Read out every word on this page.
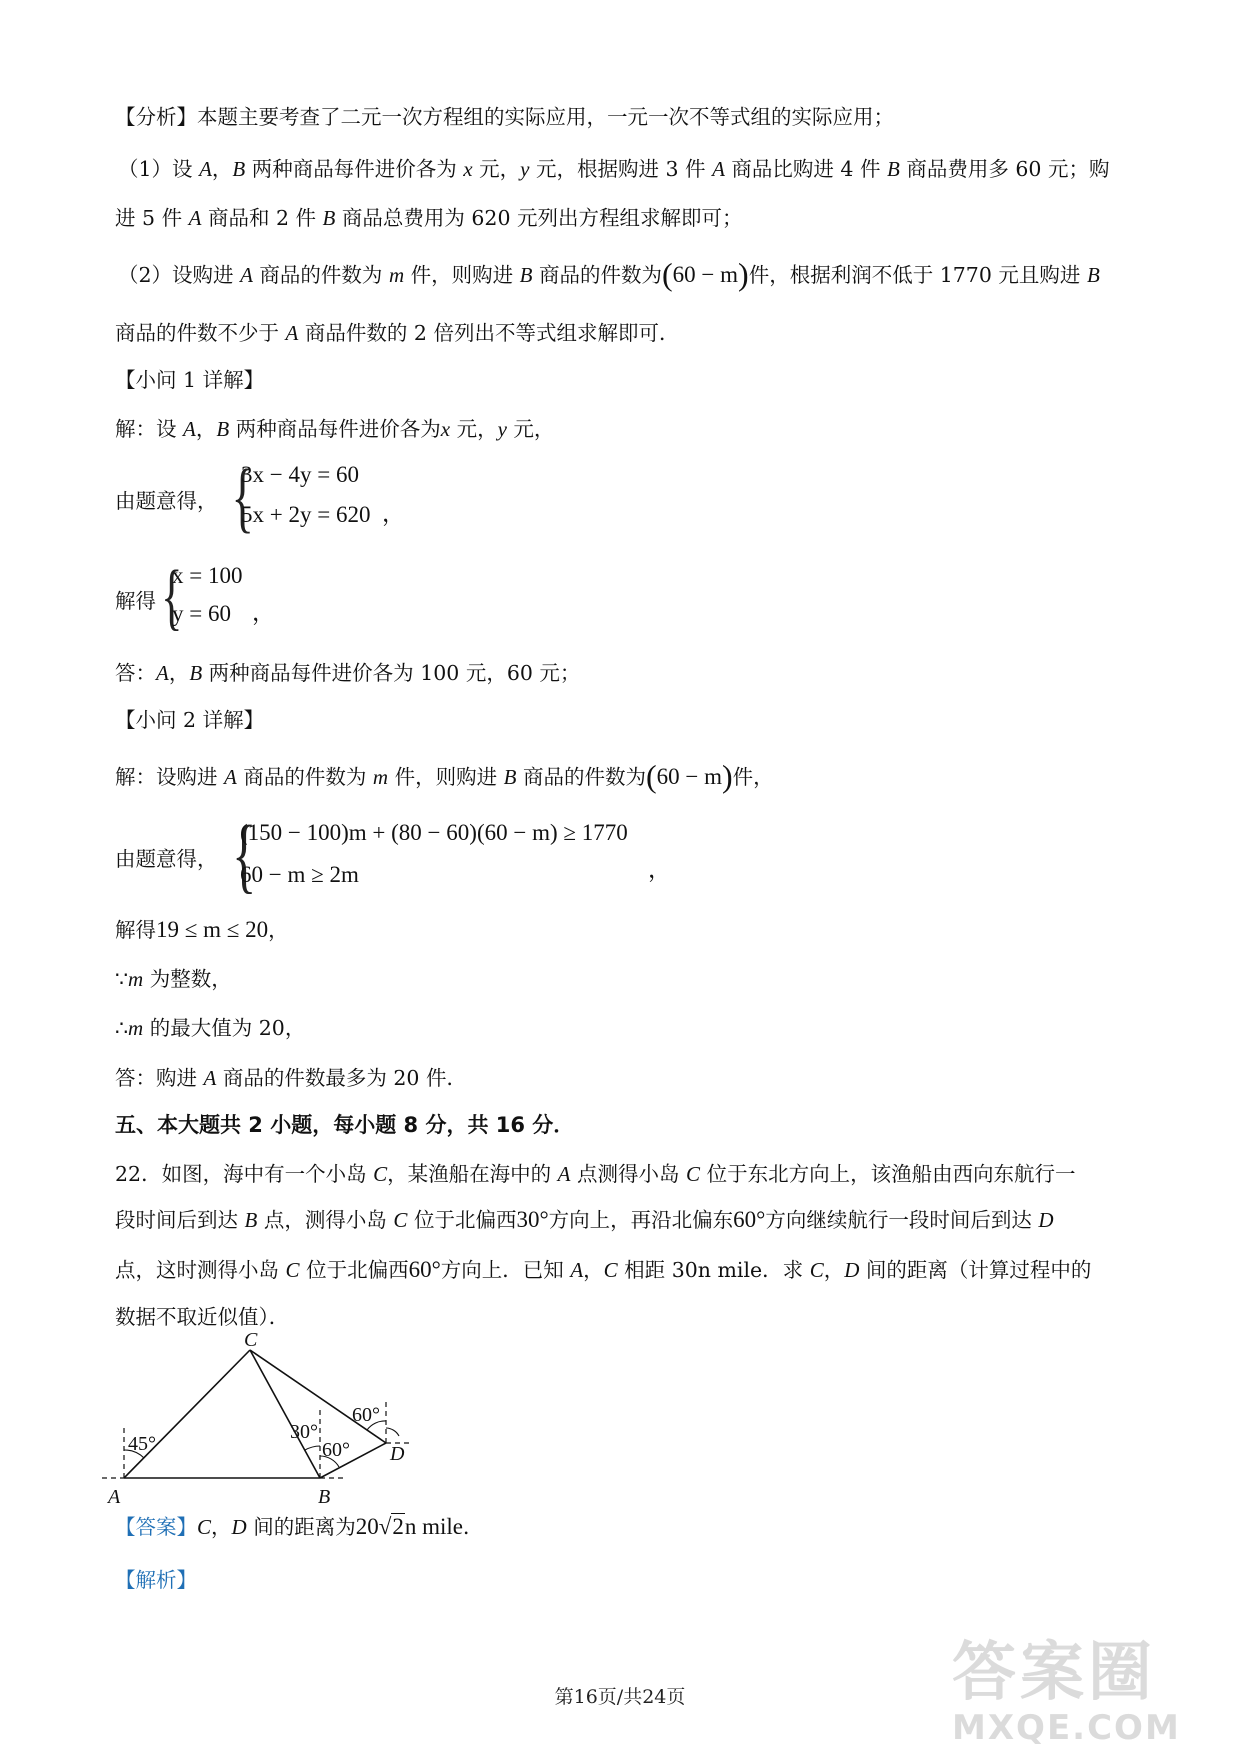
【分析】本题主要考查了二元一次方程组的实际应用，一元一次不等式组的实际应用；
（1）设 A，B 两种商品每件进价各为 x 元，y 元，根据购进 3 件 A 商品比购进 4 件 B 商品费用多 60 元；购
进 5 件 A 商品和 2 件 B 商品总费用为 620 元列出方程组求解即可；
（2）设购进 A 商品的件数为 m 件，则购进 B 商品的件数为(60 − m)件，根据利润不低于 1770 元且购进 B
商品的件数不少于 A 商品件数的 2 倍列出不等式组求解即可．
【小问 1 详解】
解：设 A，B 两种商品每件进价各为x 元，y 元，
由题意得， {
3x − 4y = 60
5x + 2y = 620 ，
解得 {
x = 100
y = 60 ，
答：A，B 两种商品每件进价各为 100 元，60 元；
【小问 2 详解】
解：设购进 A 商品的件数为 m 件，则购进 B 商品的件数为(60 − m)件，
由题意得， {
(150 − 100)m + (80 − 60)(60 − m) ≥ 1770
60 − m ≥ 2m	，
解得19 ≤ m ≤ 20，
∵m 为整数，
∴m 的最大值为 20，
答：购进 A 商品的件数最多为 20 件．
五、本大题共 2 小题，每小题 8 分，共 16 分．
22．如图，海中有一个小岛 C，某渔船在海中的 A 点测得小岛 C 位于东北方向上，该渔船由西向东航行一
段时间后到达 B 点，测得小岛 C 位于北偏西30°方向上，再沿北偏东60°方向继续航行一段时间后到达 D
点，这时测得小岛 C 位于北偏西60°方向上．已知 A，C 相距 30n mile．求 C，D 间的距离（计算过程中的
数据不取近似值）．
C
A	B
D
45°
30°
60°
60°
【答案】C，D 间的距离为20√2n mile．
【解析】
第16页/共24页	答案圈
MXQE.COM
